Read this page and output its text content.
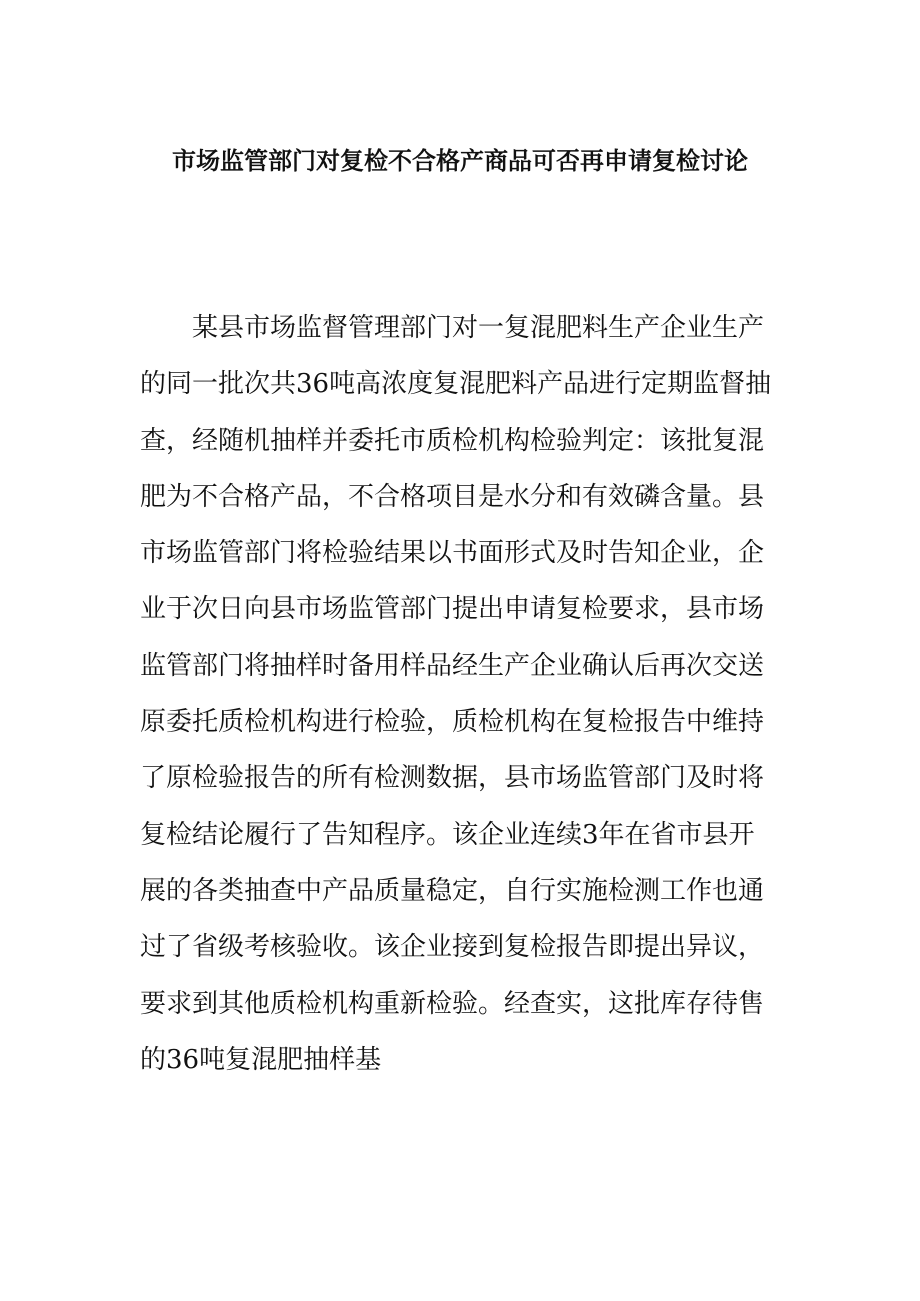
市场监管部门对复检不合格产商品可否再申请复检讨论
某县市场监督管理部门对一复混肥料生产企业生产
的同一批次共36吨高浓度复混肥料产品进行定期监督抽
查，经随机抽样并委托市质检机构检验判定：该批复混
肥为不合格产品，不合格项目是水分和有效磷含量。县
市场监管部门将检验结果以书面形式及时告知企业，企
业于次日向县市场监管部门提出申请复检要求，县市场
监管部门将抽样时备用样品经生产企业确认后再次交送
原委托质检机构进行检验，质检机构在复检报告中维持
了原检验报告的所有检测数据，县市场监管部门及时将
复检结论履行了告知程序。该企业连续3年在省市县开
展的各类抽查中产品质量稳定，自行实施检测工作也通
过了省级考核验收。该企业接到复检报告即提出异议，
要求到其他质检机构重新检验。经查实，这批库存待售
的36吨复混肥抽样基
